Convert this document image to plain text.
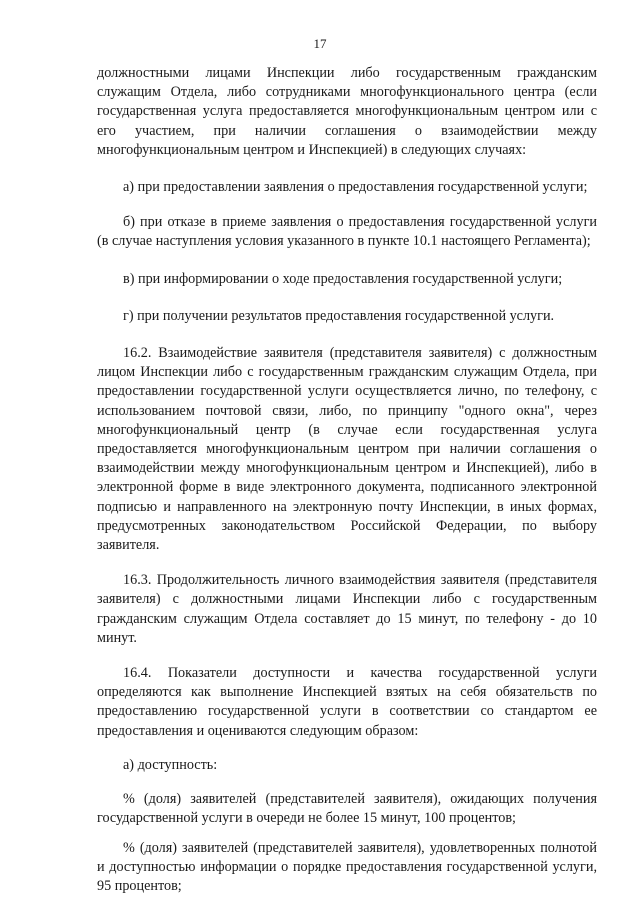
17

должностными лицами Инспекции либо государственным гражданским служащим Отдела, либо сотрудниками многофункционального центра (если государственная услуга предоставляется многофункциональным центром или с его участием, при наличии соглашения о взаимодействии между многофункциональным центром и Инспекцией) в следующих случаях:

а) при предоставлении заявления о предоставления государственной услуги;

б) при отказе в приеме заявления о предоставления государственной услуги (в случае наступления условия указанного в пункте 10.1 настоящего Регламента);

в) при информировании о ходе предоставления государственной услуги;

г) при получении результатов предоставления государственной услуги.

16.2. Взаимодействие заявителя (представителя заявителя) с должностным лицом Инспекции либо с государственным гражданским служащим Отдела, при предоставлении государственной услуги осуществляется лично, по телефону, с использованием почтовой связи, либо, по принципу "одного окна", через многофункциональный центр (в случае если государственная услуга предоставляется многофункциональным центром при наличии соглашения о взаимодействии между многофункциональным центром и Инспекцией), либо в электронной форме в виде электронного документа, подписанного электронной подписью и направленного на электронную почту Инспекции, в иных формах, предусмотренных законодательством Российской Федерации, по выбору заявителя.

16.3. Продолжительность личного взаимодействия заявителя (представителя заявителя) с должностными лицами Инспекции либо с государственным гражданским служащим Отдела составляет до 15 минут, по телефону - до 10 минут.

16.4. Показатели доступности и качества государственной услуги определяются как выполнение Инспекцией взятых на себя обязательств по предоставлению государственной услуги в соответствии со стандартом ее предоставления и оцениваются следующим образом:

а) доступность:

% (доля) заявителей (представителей заявителя), ожидающих получения государственной услуги в очереди не более 15 минут, 100 процентов;

% (доля) заявителей (представителей заявителя), удовлетворенных полнотой и доступностью информации о порядке предоставления государственной услуги, 95 процентов;
